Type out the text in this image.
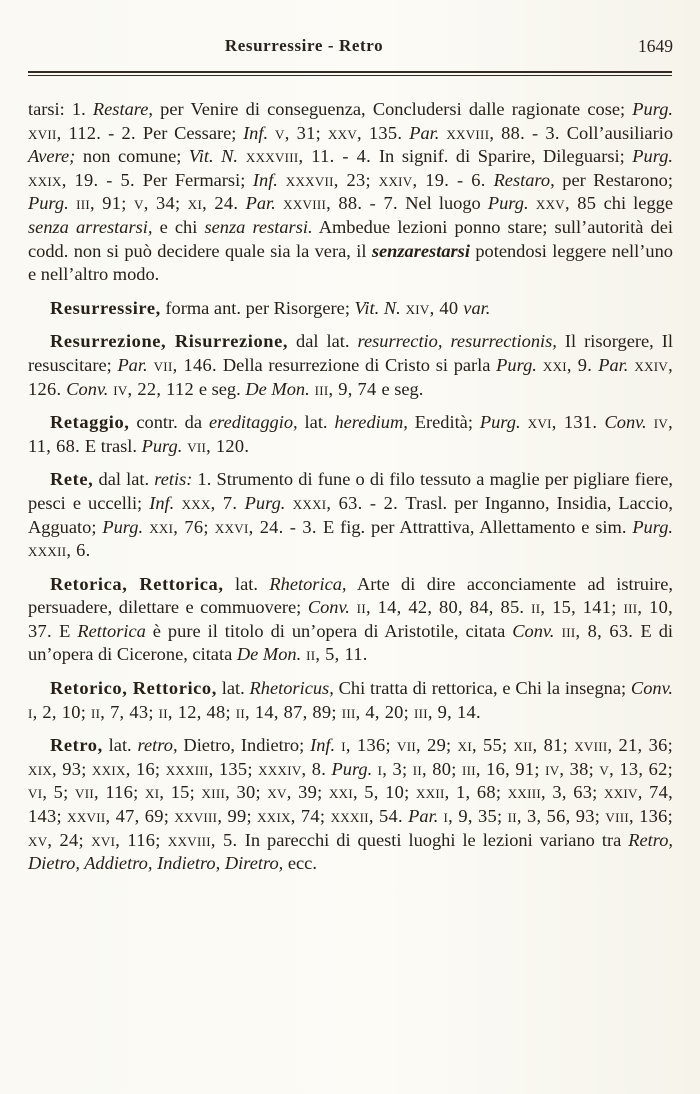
Resurressire - Retro	1649

tarsi: 1. Restare, per Venire di conseguenza, Concludersi dalle ragionate cose; Purg. xvii, 112. - 2. Per Cessare; Inf. v, 31; xxv, 135. Par. xxviii, 88. - 3. Coll’ausiliario Avere; non comune; Vit. N. xxxviii, 11. - 4. In signif. di Sparire, Dileguarsi; Purg. xxix, 19. - 5. Per Fermarsi; Inf. xxxvii, 23; xxiv, 19. - 6. Restaro, per Restarono; Purg. iii, 91; v, 34; xi, 24. Par. xxviii, 88. - 7. Nel luogo Purg. xxv, 85 chi legge senza arrestarsi, e chi senza restarsi. Ambedue lezioni ponno stare; sull’autorità dei codd. non si può decidere quale sia la vera, il senzarestarsi potendosi leggere nell’uno e nell’altro modo.

Resurressire, forma ant. per Risorgere; Vit. N. xiv, 40 var.

Resurrezione, Risurrezione, dal lat. resurrectio, resurrectionis, Il risorgere, Il resuscitare; Par. vii, 146. Della resurrezione di Cristo si parla Purg. xxi, 9. Par. xxiv, 126. Conv. iv, 22, 112 e seg. De Mon. iii, 9, 74 e seg.

Retaggio, contr. da ereditaggio, lat. heredium, Eredità; Purg. xvi, 131. Conv. iv, 11, 68. E trasl. Purg. vii, 120.

Rete, dal lat. retis: 1. Strumento di fune o di filo tessuto a maglie per pigliare fiere, pesci e uccelli; Inf. xxx, 7. Purg. xxxi, 63. - 2. Trasl. per Inganno, Insidia, Laccio, Agguato; Purg. xxi, 76; xxvi, 24. - 3. E fig. per Attrattiva, Allettamento e sim. Purg. xxxii, 6.

Retorica, Rettorica, lat. Rhetorica, Arte di dire acconciamente ad istruire, persuadere, dilettare e commuovere; Conv. ii, 14, 42, 80, 84, 85. ii, 15, 141; iii, 10, 37. E Rettorica è pure il titolo di un’opera di Aristotile, citata Conv. iii, 8, 63. E di un’opera di Cicerone, citata De Mon. ii, 5, 11.

Retorico, Rettorico, lat. Rhetoricus, Chi tratta di rettorica, e Chi la insegna; Conv. i, 2, 10; ii, 7, 43; ii, 12, 48; ii, 14, 87, 89; iii, 4, 20; iii, 9, 14.

Retro, lat. retro, Dietro, Indietro; Inf. i, 136; vii, 29; xi, 55; xii, 81; xviii, 21, 36; xix, 93; xxix, 16; xxxiii, 135; xxxiv, 8. Purg. i, 3; ii, 80; iii, 16, 91; iv, 38; v, 13, 62; vi, 5; vii, 116; xi, 15; xiii, 30; xv, 39; xxi, 5, 10; xxii, 1, 68; xxiii, 3, 63; xxiv, 74, 143; xxvii, 47, 69; xxviii, 99; xxix, 74; xxxii, 54. Par. i, 9, 35; ii, 3, 56, 93; viii, 136; xv, 24; xvi, 116; xxviii, 5. In parecchi di questi luoghi le lezioni variano tra Retro, Dietro, Addietro, Indietro, Diretro, ecc.
